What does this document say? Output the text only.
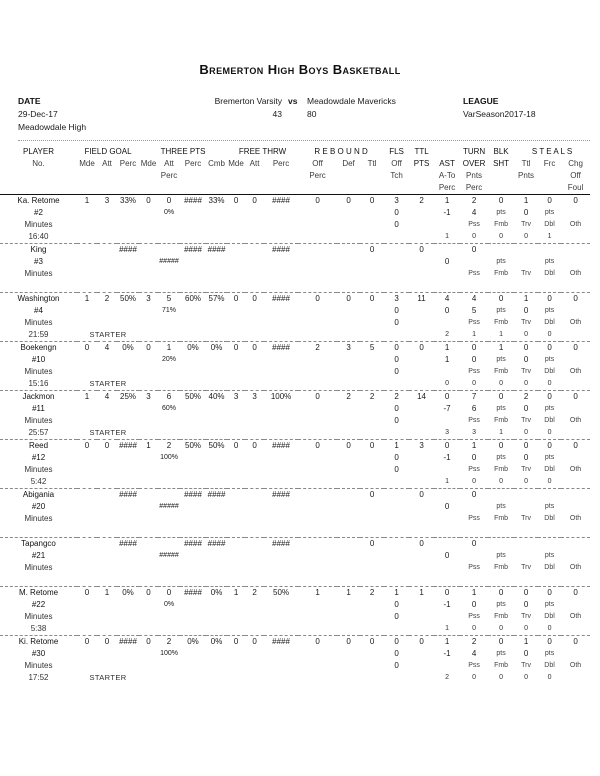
Bremerton High Boys Basketball
DATE
29-Dec-17
Meadowdale High
Bremerton Varsity vs Meadowdale Mavericks
43	80
LEAGUE
VarSeason2017-18
PLAYER	FIELD GOAL			THREE PTS				FREE THRW			R E B O U N D			FLS	TTL		TURN	BLK	S T E A L S		
No.	Mde	Att	Perc	Mde	Att	Perc	Cmb	Mde	Att	Perc	Off	Def	Ttl	Off	PTS	AST	OVER	SHT	Ttl	Frc	Chg
					Perc						Perc			Tch		A-To	Pnts		Pnts		Off
																Perc	Perc				Foul
Ka. Retome	1	3	33%	0	0	####	33%	0	0	####	0	0	0	3	2	1	2	0	1	0	0
#2					0%									0		-1	4	pts	0	pts	
Minutes														0			Pss	Fmb	Trv	Dbl	Oth
16:40																1	0	0	0	1	
King			####			####	####			####			0		0		0				
#3					#####											0		pts		pts	
Minutes																	Pss	Fmb	Trv	Dbl	Oth

Washington	1	2	50%	3	5	60%	57%	0	0	####	0	0	0	3	11	4	4	0	1	0	0
#4					71%									0		0	5	pts	0	pts	
Minutes														0			Pss	Fmb	Trv	Dbl	Oth
21:59	STARTER															2	1	1	0	0	
Boekengn	0	4	0%	0	1	0%	0%	0	0	####	2	3	5	0	0	1	0	1	0	0	0
#10					20%									0		1	0	pts	0	pts	
Minutes														0			Pss	Fmb	Trv	Dbl	Oth
15:16	STARTER															0	0	0	0	0	
Jackmon	1	4	25%	3	6	50%	40%	3	3	100%	0	2	2	2	14	0	7	0	2	0	0
#11					60%									0		-7	6	pts	0	pts	
Minutes														0			Pss	Fmb	Trv	Dbl	Oth
25:57	STARTER															3	3	1	0	0	
Reed	0	0	####	1	2	50%	50%	0	0	####	0	0	0	1	3	0	1	0	0	0	0
#12					100%									0		-1	0	pts	0	pts	
Minutes														0			Pss	Fmb	Trv	Dbl	Oth
5:42																1	0	0	0	0	
Abigania			####			####	####			####			0		0		0				
#20					#####											0		pts		pts	
Minutes																	Pss	Fmb	Trv	Dbl	Oth

Tapangco			####			####	####			####			0		0		0				
#21					#####											0		pts		pts	
Minutes																	Pss	Fmb	Trv	Dbl	Oth

M. Retome	0	1	0%	0	0	####	0%	1	2	50%	1	1	2	1	1	0	1	0	0	0	0
#22					0%									0		-1	0	pts	0	pts	
Minutes														0			Pss	Fmb	Trv	Dbl	Oth
5:38																1	0	0	0	0	
Ki. Retome	0	0	####	0	2	0%	0%	0	0	####	0	0	0	0	0	1	2	0	1	0	0
#30					100%									0		-1	4	pts	0	pts	
Minutes														0			Pss	Fmb	Trv	Dbl	Oth
17:52	STARTER															2	0	0	0	0	
